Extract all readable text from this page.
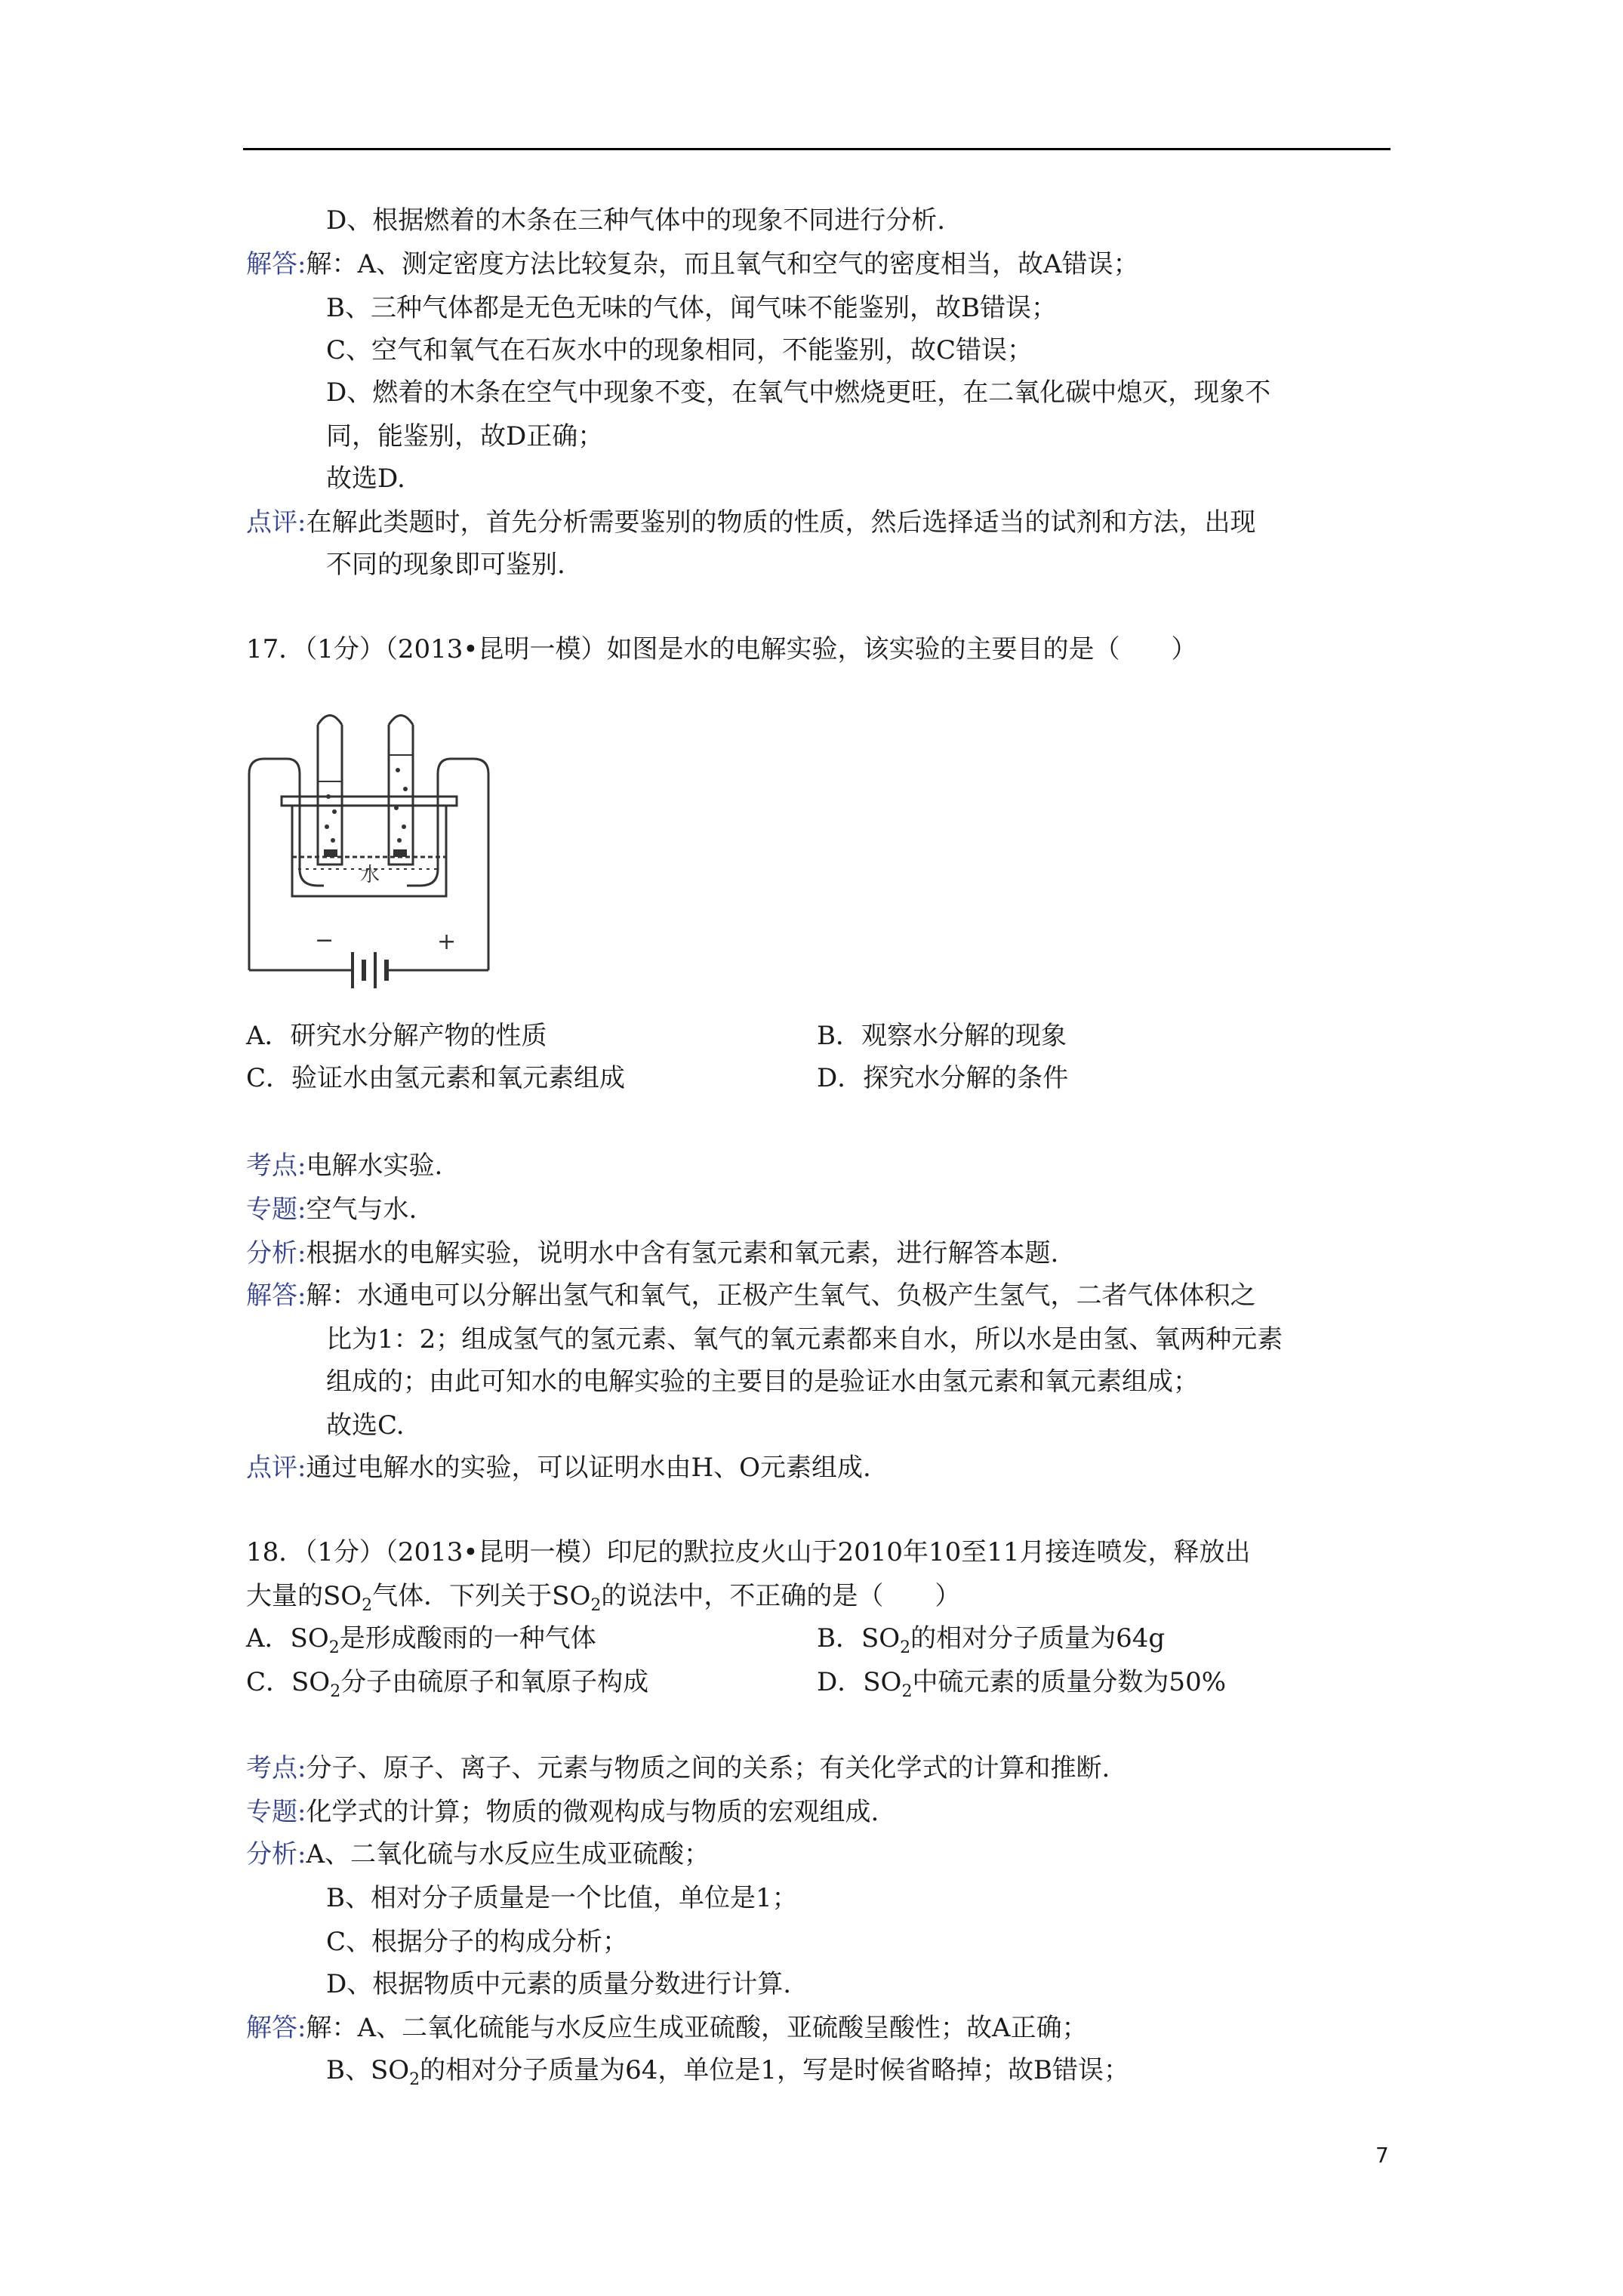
D、根据燃着的木条在三种气体中的现象不同进行分析.
解答:解：A、测定密度方法比较复杂，而且氧气和空气的密度相当，故A错误；
B、三种气体都是无色无味的气体，闻气味不能鉴别，故B错误；
C、空气和氧气在石灰水中的现象相同，不能鉴别，故C错误；
D、燃着的木条在空气中现象不变，在氧气中燃烧更旺，在二氧化碳中熄灭，现象不
同，能鉴别，故D正确；
故选D.
点评:在解此类题时，首先分析需要鉴别的物质的性质，然后选择适当的试剂和方法，出现
不同的现象即可鉴别.
17．（1分）（2013•昆明一模）如图是水的电解实验，该实验的主要目的是（　　）
水
−	+
A．研究水分解产物的性质	B．观察水分解的现象
C．验证水由氢元素和氧元素组成	D．探究水分解的条件
考点:电解水实验.
专题:空气与水.
分析:根据水的电解实验，说明水中含有氢元素和氧元素，进行解答本题.
解答:解：水通电可以分解出氢气和氧气，正极产生氧气、负极产生氢气，二者气体体积之
比为1：2；组成氢气的氢元素、氧气的氧元素都来自水，所以水是由氢、氧两种元素
组成的；由此可知水的电解实验的主要目的是验证水由氢元素和氧元素组成；
故选C.
点评:通过电解水的实验，可以证明水由H、O元素组成.
18．（1分）（2013•昆明一模）印尼的默拉皮火山于2010年10至11月接连喷发，释放出
大量的$SO_2$气体．下列关于$SO_2$的说法中，不正确的是（　　）
A．$SO_2$是形成酸雨的一种气体	B．$SO_2$的相对分子质量为64g
C．$SO_2$分子由硫原子和氧原子构成	D．$SO_2$中硫元素的质量分数为50%
考点:分子、原子、离子、元素与物质之间的关系；有关化学式的计算和推断.
专题:化学式的计算；物质的微观构成与物质的宏观组成.
分析:A、二氧化硫与水反应生成亚硫酸；
B、相对分子质量是一个比值，单位是1；
C、根据分子的构成分析；
D、根据物质中元素的质量分数进行计算.
解答:解：A、二氧化硫能与水反应生成亚硫酸，亚硫酸呈酸性；故A正确；
B、$SO_2$的相对分子质量为64，单位是1，写是时候省略掉；故B错误；
7
